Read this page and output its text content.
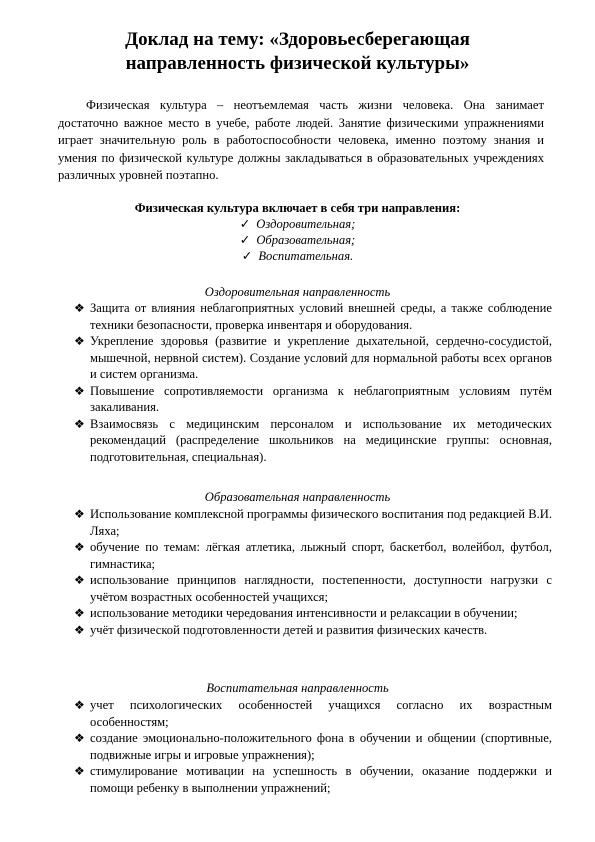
Доклад на тему: «Здоровьесберегающая
направленность физической культуры»
Физическая культура – неотъемлемая часть жизни человека. Она занимает достаточно важное место в учебе, работе людей. Занятие физическими упражнениями играет значительную роль в работоспособности человека, именно поэтому знания и умения по физической культуре должны закладываться в образовательных учреждениях различных уровней поэтапно.
Физическая культура включает в себя три направления:
✓ Оздоровительная;
✓ Образовательная;
✓ Воспитательная.
Оздоровительная направленность
❖ Защита от влияния неблагоприятных условий внешней среды, а также соблюдение техники безопасности, проверка инвентаря и оборудования.
❖ Укрепление здоровья (развитие и укрепление дыхательной, сердечно-сосудистой, мышечной, нервной систем). Создание условий для нормальной работы всех органов и систем организма.
❖ Повышение сопротивляемости организма к неблагоприятным условиям путём закаливания.
❖ Взаимосвязь с медицинским персоналом и использование их методических рекомендаций (распределение школьников на медицинские группы: основная, подготовительная, специальная).
Образовательная направленность
❖ Использование комплексной программы физического воспитания под редакцией В.И. Ляха;
❖ обучение по темам: лёгкая атлетика, лыжный спорт, баскетбол, волейбол, футбол, гимнастика;
❖ использование принципов наглядности, постепенности, доступности нагрузки с учётом возрастных особенностей учащихся;
❖ использование методики чередования интенсивности и релаксации в обучении;
❖ учёт физической подготовленности детей и развития физических качеств.
Воспитательная направленность
❖ учет психологических особенностей учащихся согласно их возрастным особенностям;
❖ создание эмоционально-положительного фона в обучении и общении (спортивные, подвижные игры и игровые упражнения);
❖ стимулирование мотивации на успешность в обучении, оказание поддержки и помощи ребенку в выполнении упражнений;
